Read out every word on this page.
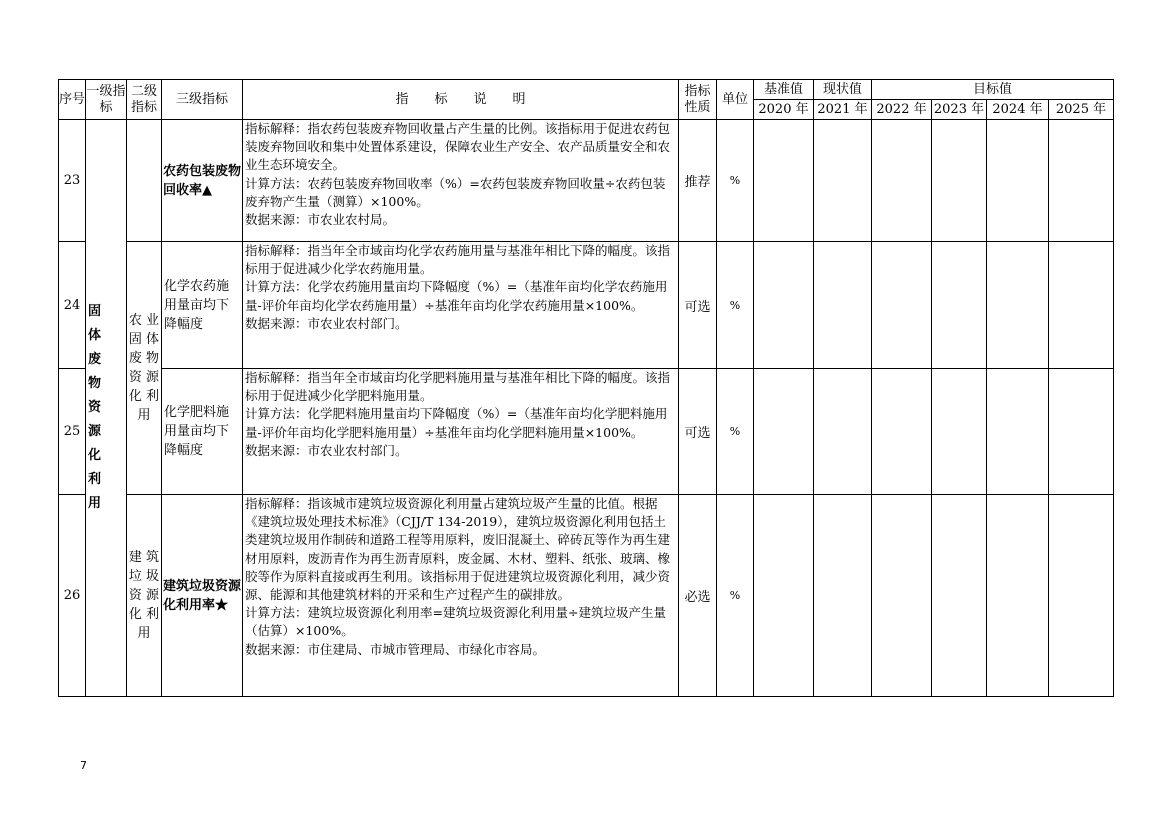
序号	一级指标	二级指标	三级指标	指　　标　　说　　明	指标性质	单位	基准值	现状值	目标值			
							2020 年	2021 年	2022 年	2023 年	2024 年	2025 年
23	固 体 废 物 资 源 化 利 用		农药包装废物回收率▲	指标解释：指农药包装废弃物回收量占产生量的比例。该指标用于促进农药包装废弃物回收和集中处置体系建设，保障农业生产安全、农产品质量安全和农业生态环境安全。
计算方法：农药包装废弃物回收率（%）=农药包装废弃物回收量÷农药包装废弃物产生量（测算）×100%。
数据来源：市农业农村局。	推荐	%						
24		农 业 固 体 废 物 资 源 化 利 用	化学农药施用量亩均下降幅度	指标解释：指当年全市域亩均化学农药施用量与基准年相比下降的幅度。该指标用于促进减少化学农药施用量。
计算方法：化学农药施用量亩均下降幅度（%）=（基准年亩均化学农药施用量-评价年亩均化学农药施用量）÷基准年亩均化学农药施用量×100%。
数据来源：市农业农村部门。	可选	%						
25			化学肥料施用量亩均下降幅度	指标解释：指当年全市域亩均化学肥料施用量与基准年相比下降的幅度。该指标用于促进减少化学肥料施用量。
计算方法：化学肥料施用量亩均下降幅度（%）=（基准年亩均化学肥料施用量-评价年亩均化学肥料施用量）÷基准年亩均化学肥料施用量×100%。
数据来源：市农业农村部门。	可选	%						
26		建 筑 垃 圾 资 源 化 利 用	建筑垃圾资源化利用率★	指标解释：指该城市建筑垃圾资源化利用量占建筑垃圾产生量的比值。根据《建筑垃圾处理技术标准》（CJJ/T 134-2019），建筑垃圾资源化利用包括土类建筑垃圾用作制砖和道路工程等用原料，废旧混凝土、碎砖瓦等作为再生建材用原料，废沥青作为再生沥青原料，废金属、木材、塑料、纸张、玻璃、橡胶等作为原料直接或再生利用。该指标用于促进建筑垃圾资源化利用，减少资源、能源和其他建筑材料的开采和生产过程产生的碳排放。
计算方法：建筑垃圾资源化利用率=建筑垃圾资源化利用量÷建筑垃圾产生量（估算）×100%。
数据来源：市住建局、市城市管理局、市绿化市容局。	必选	%						
7
